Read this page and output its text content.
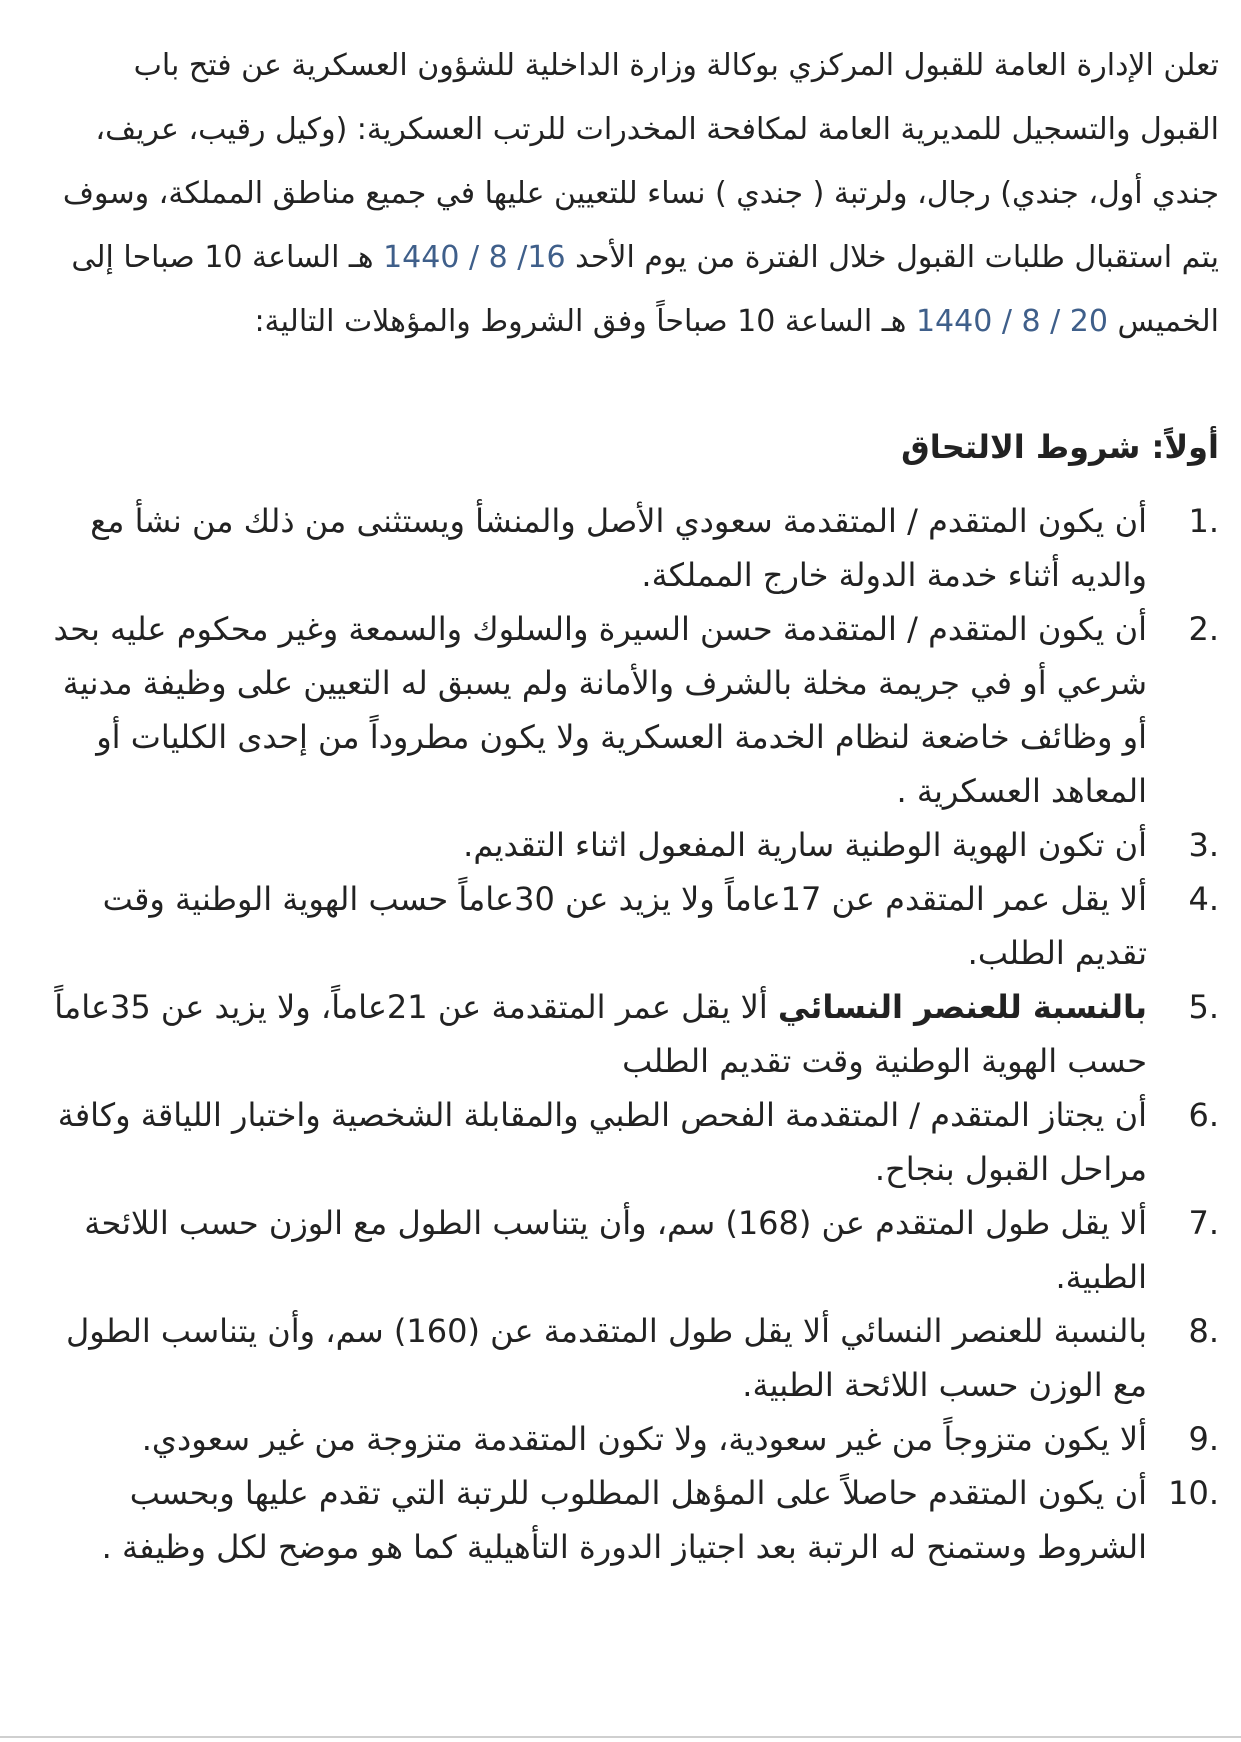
تعلن الإدارة العامة للقبول المركزي بوكالة وزارة الداخلية للشؤون العسكرية عن فتح باب القبول والتسجيل للمديرية العامة لمكافحة المخدرات للرتب العسكرية: (وكيل رقيب، عريف، جندي أول، جندي) رجال، ولرتبة ( جندي ) نساء للتعيين عليها في جميع مناطق المملكة، وسوف يتم استقبال طلبات القبول خلال الفترة من يوم الأحد 16/ 8 / 1440 هـ الساعة 10 صباحا إلى الخميس 20 / 8 / 1440 هـ الساعة 10 صباحاً وفق الشروط والمؤهلات التالية:

أولاً: شروط الالتحاق
1.
أن يكون المتقدم / المتقدمة سعودي الأصل والمنشأ ويستثنى من ذلك من نشأ مع والديه أثناء خدمة الدولة خارج المملكة.
2.
أن يكون المتقدم / المتقدمة حسن السيرة والسلوك والسمعة وغير محكوم عليه بحد شرعي أو في جريمة مخلة بالشرف والأمانة ولم يسبق له التعيين على وظيفة مدنية أو وظائف خاضعة لنظام الخدمة العسكرية ولا يكون مطروداً من إحدى الكليات أو المعاهد العسكرية .
3.
أن تكون الهوية الوطنية سارية المفعول اثناء التقديم.
4.
ألا يقل عمر المتقدم عن 17عاماً ولا يزيد عن 30عاماً حسب الهوية الوطنية وقت تقديم الطلب.
5.
بالنسبة للعنصر النسائي ألا يقل عمر المتقدمة عن 21عاماً، ولا يزيد عن 35عاماً حسب الهوية الوطنية وقت تقديم الطلب
6.
أن يجتاز المتقدم / المتقدمة الفحص الطبي والمقابلة الشخصية واختبار اللياقة وكافة مراحل القبول بنجاح.
7.
ألا يقل طول المتقدم عن (168) سم، وأن يتناسب الطول مع الوزن حسب اللائحة الطبية.
8.
بالنسبة للعنصر النسائي ألا يقل طول المتقدمة عن (160) سم، وأن يتناسب الطول مع الوزن حسب اللائحة الطبية.
9.
ألا يكون متزوجاً من غير سعودية، ولا تكون المتقدمة متزوجة من غير سعودي.
10.
أن يكون المتقدم حاصلاً على المؤهل المطلوب للرتبة التي تقدم عليها وبحسب الشروط وستمنح له الرتبة بعد اجتياز الدورة التأهيلية كما هو موضح لكل وظيفة .
